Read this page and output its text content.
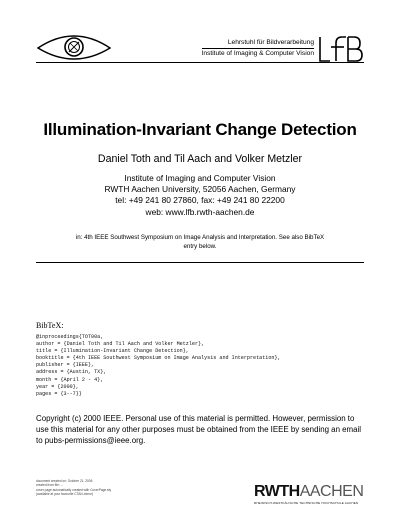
Lehrstuhl für Bildverarbeitung
Institute of Imaging & Computer Vision
Illumination-Invariant Change Detection
Daniel Toth and Til Aach and Volker Metzler
Institute of Imaging and Computer Vision
RWTH Aachen University, 52056 Aachen, Germany
tel: +49 241 80 27860, fax: +49 241 80 22200
web: www.lfb.rwth-aachen.de
in: 4th IEEE Southwest Symposium on Image Analysis and Interpretation. See also BibTeX
entry below.
BibTeX:
@inproceedings{TOT00a,
author = {Daniel Toth and Til Aach and Volker Metzler},
title = {Illumination-Invariant Change Detection},
booktitle = {4th IEEE Southwest Symposium on Image Analysis and Interpretation},
publisher = {IEEE},
address = {Austin, TX},
month = {April 2 - 4},
year = {2000},
pages = {3--7}}
Copyright (c) 2000 IEEE. Personal use of this material is permitted. However, permission to use this material for any other purposes must be obtained from the IEEE by sending an email to pubs-permissions@ieee.org.
document created on: October 21, 2006
created from file: ...
cover page automatically created with CoverPage.sty
(available at your favourite CTAN-mirror)	RWTHAACHEN
RHEINISCH-WESTFÄLISCHE TECHNISCHE HOCHSCHULE AACHEN
